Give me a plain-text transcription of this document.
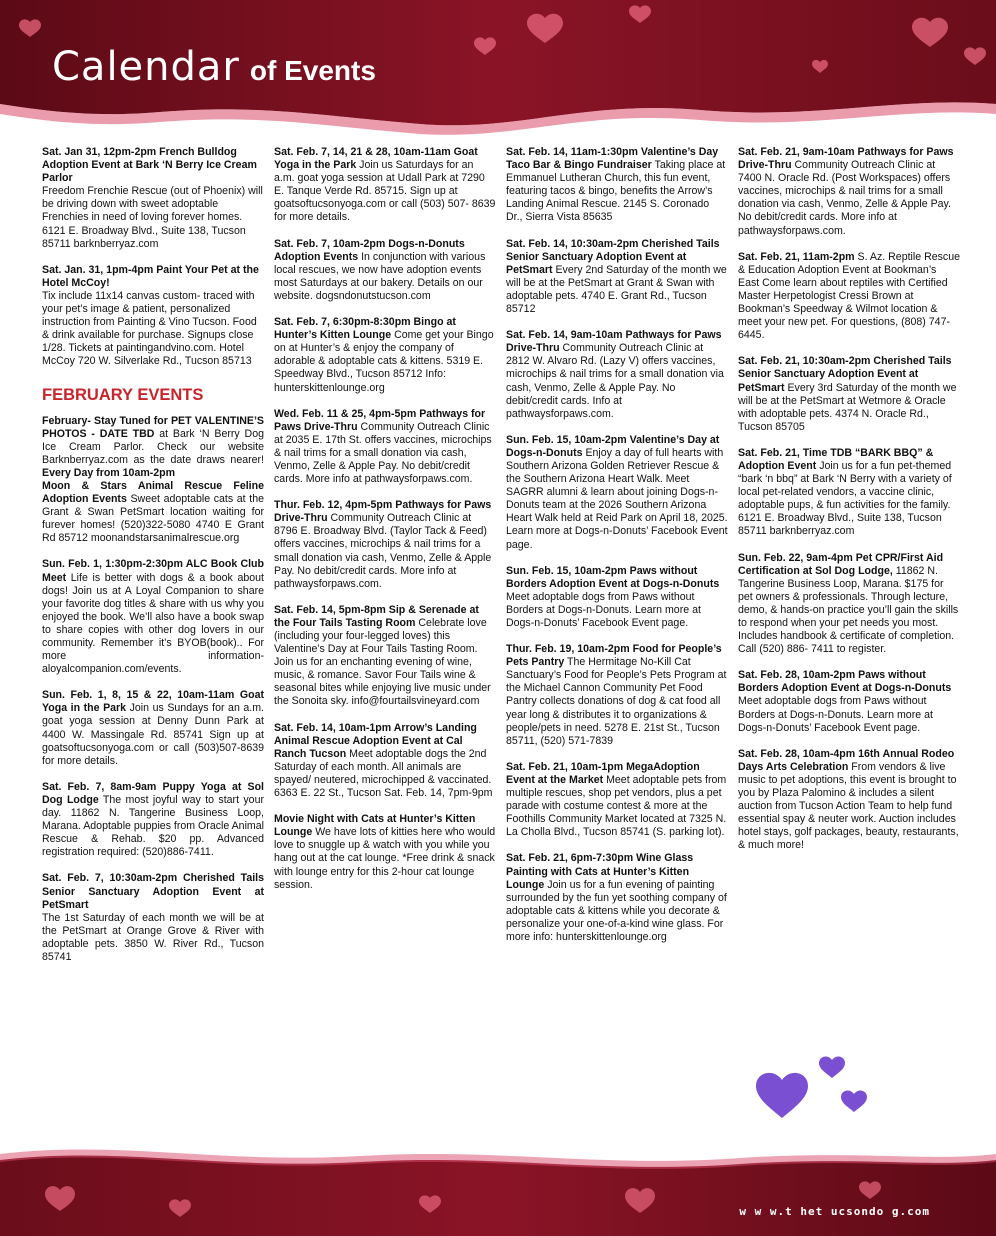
Calendar of Events
Sat. Jan 31, 12pm-2pm French Bulldog Adoption Event at Bark ‘N Berry Ice Cream Parlor
Freedom Frenchie Rescue (out of Phoenix) will be driving down with sweet adoptable Frenchies in need of loving forever homes. 6121 E. Broadway Blvd., Suite 138, Tucson 85711 barknberryaz.com
Sat. Jan. 31, 1pm-4pm Paint Your Pet at the Hotel McCoy!
Tix include 11x14 canvas custom- traced with your pet’s image & patient, personalized instruction from Painting & Vino Tucson. Food & drink available for purchase. Signups close 1/28. Tickets at paintingandvino.com. Hotel McCoy 720 W. Silverlake Rd., Tucson 85713
FEBRUARY EVENTS
February- Stay Tuned for PET VALENTINE’S PHOTOS - DATE TBD at Bark ‘N Berry Dog Ice Cream Parlor. Check our website Barknberryaz.com as the date draws nearer! Every Day from 10am-2pm
Moon & Stars Animal Rescue Feline Adoption Events Sweet adoptable cats at the Grant & Swan PetSmart location waiting for furever homes! (520)322-5080 4740 E Grant Rd 85712 moonandstarsanimalrescue.org
Sun. Feb. 1, 1:30pm-2:30pm ALC Book Club Meet Life is better with dogs & a book about dogs! Join us at A Loyal Companion to share your favorite dog titles & share with us why you enjoyed the book. We’ll also have a book swap to share copies with other dog lovers in our community. Remember it’s BYOB(book).. For more information- aloyalcompanion.com/events.
Sun. Feb. 1, 8, 15 & 22, 10am-11am Goat Yoga in the Park Join us Sundays for an a.m. goat yoga session at Denny Dunn Park at 4400 W. Massingale Rd. 85741 Sign up at goatsoftucsonyoga.com or call (503)507-8639 for more details.
Sat. Feb. 7, 8am-9am Puppy Yoga at Sol Dog Lodge The most joyful way to start your day. 11862 N. Tangerine Business Loop, Marana. Adoptable puppies from Oracle Animal Rescue & Rehab. $20 pp. Advanced registration required: (520)886-7411.
Sat. Feb. 7, 10:30am-2pm Cherished Tails Senior Sanctuary Adoption Event at PetSmart
The 1st Saturday of each month we will be at the PetSmart at Orange Grove & River with adoptable pets. 3850 W. River Rd., Tucson 85741
Sat. Feb. 7, 14, 21 & 28, 10am-11am Goat Yoga in the Park Join us Saturdays for an a.m. goat yoga session at Udall Park at 7290 E. Tanque Verde Rd. 85715. Sign up at goatsoftucsonyoga.com or call (503) 507- 8639 for more details.
Sat. Feb. 7, 10am-2pm Dogs-n-Donuts Adoption Events In conjunction with various local rescues, we now have adoption events most Saturdays at our bakery. Details on our website. dogsndonutstucson.com
Sat. Feb. 7, 6:30pm-8:30pm Bingo at Hunter’s Kitten Lounge Come get your Bingo on at Hunter’s & enjoy the company of adorable & adoptable cats & kittens. 5319 E. Speedway Blvd., Tucson 85712 Info: hunterskittenlounge.org
Wed. Feb. 11 & 25, 4pm-5pm Pathways for Paws Drive-Thru Community Outreach Clinic at 2035 E. 17th St. offers vaccines, microchips & nail trims for a small donation via cash, Venmo, Zelle & Apple Pay. No debit/credit cards. More info at pathwaysforpaws.com.
Thur. Feb. 12, 4pm-5pm Pathways for Paws Drive-Thru Community Outreach Clinic at 8796 E. Broadway Blvd. (Taylor Tack & Feed) offers vaccines, microchips & nail trims for a small donation via cash, Venmo, Zelle & Apple Pay. No debit/credit cards. More info at pathwaysforpaws.com.
Sat. Feb. 14, 5pm-8pm Sip & Serenade at the Four Tails Tasting Room Celebrate love (including your four-legged loves) this Valentine’s Day at Four Tails Tasting Room. Join us for an enchanting evening of wine, music, & romance. Savor Four Tails wine & seasonal bites while enjoying live music under the Sonoita sky. info@fourtailsvineyard.com
Sat. Feb. 14, 10am-1pm Arrow’s Landing Animal Rescue Adoption Event at Cal Ranch Tucson Meet adoptable dogs the 2nd Saturday of each month. All animals are spayed/ neutered, microchipped & vaccinated. 6363 E. 22 St., Tucson Sat. Feb. 14, 7pm-9pm
Movie Night with Cats at Hunter’s Kitten Lounge We have lots of kitties here who would love to snuggle up & watch with you while you hang out at the cat lounge. *Free drink & snack with lounge entry for this 2-hour cat lounge session.
Sat. Feb. 14, 11am-1:30pm Valentine’s Day Taco Bar & Bingo Fundraiser Taking place at Emmanuel Lutheran Church, this fun event, featuring tacos & bingo, benefits the Arrow’s Landing Animal Rescue. 2145 S. Coronado Dr., Sierra Vista 85635
Sat. Feb. 14, 10:30am-2pm Cherished Tails Senior Sanctuary Adoption Event at PetSmart Every 2nd Saturday of the month we will be at the PetSmart at Grant & Swan with adoptable pets. 4740 E. Grant Rd., Tucson 85712
Sat. Feb. 14, 9am-10am Pathways for Paws Drive-Thru Community Outreach Clinic at 2812 W. Alvaro Rd. (Lazy V) offers vaccines, microchips & nail trims for a small donation via cash, Venmo, Zelle & Apple Pay. No debit/credit cards. Info at pathwaysforpaws.com.
Sun. Feb. 15, 10am-2pm Valentine’s Day at Dogs-n-Donuts Enjoy a day of full hearts with Southern Arizona Golden Retriever Rescue & the Southern Arizona Heart Walk. Meet SAGRR alumni & learn about joining Dogs-n-Donuts team at the 2026 Southern Arizona Heart Walk held at Reid Park on April 18, 2025. Learn more at Dogs-n-Donuts’ Facebook Event page.
Sun. Feb. 15, 10am-2pm Paws without Borders Adoption Event at Dogs-n-Donuts Meet adoptable dogs from Paws without Borders at Dogs-n-Donuts. Learn more at Dogs-n-Donuts’ Facebook Event page.
Thur. Feb. 19, 10am-2pm Food for People’s Pets Pantry The Hermitage No-Kill Cat Sanctuary’s Food for People’s Pets Program at the Michael Cannon Community Pet Food Pantry collects donations of dog & cat food all year long & distributes it to organizations & people/pets in need. 5278 E. 21st St., Tucson 85711, (520) 571-7839
Sat. Feb. 21, 10am-1pm MegaAdoption Event at the Market Meet adoptable pets from multiple rescues, shop pet vendors, plus a pet parade with costume contest & more at the Foothills Community Market located at 7325 N. La Cholla Blvd., Tucson 85741 (S. parking lot).
Sat. Feb. 21, 6pm-7:30pm Wine Glass Painting with Cats at Hunter’s Kitten Lounge Join us for a fun evening of painting surrounded by the fun yet soothing company of adoptable cats & kittens while you decorate & personalize your one-of-a-kind wine glass. For more info: hunterskittenlounge.org
Sat. Feb. 21, 9am-10am Pathways for Paws Drive-Thru Community Outreach Clinic at 7400 N. Oracle Rd. (Post Workspaces) offers vaccines, microchips & nail trims for a small donation via cash, Venmo, Zelle & Apple Pay. No debit/credit cards. More info at pathwaysforpaws.com.
Sat. Feb. 21, 11am-2pm S. Az. Reptile Rescue & Education Adoption Event at Bookman’s East Come learn about reptiles with Certified Master Herpetologist Cressi Brown at Bookman’s Speedway & Wilmot location & meet your new pet. For questions, (808) 747-6445.
Sat. Feb. 21, 10:30am-2pm Cherished Tails Senior Sanctuary Adoption Event at PetSmart Every 3rd Saturday of the month we will be at the PetSmart at Wetmore & Oracle with adoptable pets. 4374 N. Oracle Rd., Tucson 85705
Sat. Feb. 21, Time TDB “BARK BBQ” & Adoption Event Join us for a fun pet-themed “bark ‘n bbq” at Bark ‘N Berry with a variety of local pet-related vendors, a vaccine clinic, adoptable pups, & fun activities for the family. 6121 E. Broadway Blvd., Suite 138, Tucson 85711 barknberryaz.com
Sun. Feb. 22, 9am-4pm Pet CPR/First Aid Certification at Sol Dog Lodge, 11862 N. Tangerine Business Loop, Marana. $175 for pet owners & professionals. Through lecture, demo, & hands-on practice you’ll gain the skills to respond when your pet needs you most. Includes handbook & certificate of completion. Call (520) 886- 7411 to register.
Sat. Feb. 28, 10am-2pm Paws without Borders Adoption Event at Dogs-n-Donuts Meet adoptable dogs from Paws without Borders at Dogs-n-Donuts. Learn more at Dogs-n-Donuts’ Facebook Event page.
Sat. Feb. 28, 10am-4pm 16th Annual Rodeo Days Arts Celebration From vendors & live music to pet adoptions, this event is brought to you by Plaza Palomino & includes a silent auction from Tucson Action Team to help fund essential spay & neuter work. Auction includes hotel stays, golf packages, beauty, restaurants, & much more!
w w w.t het ucsondo g.com
